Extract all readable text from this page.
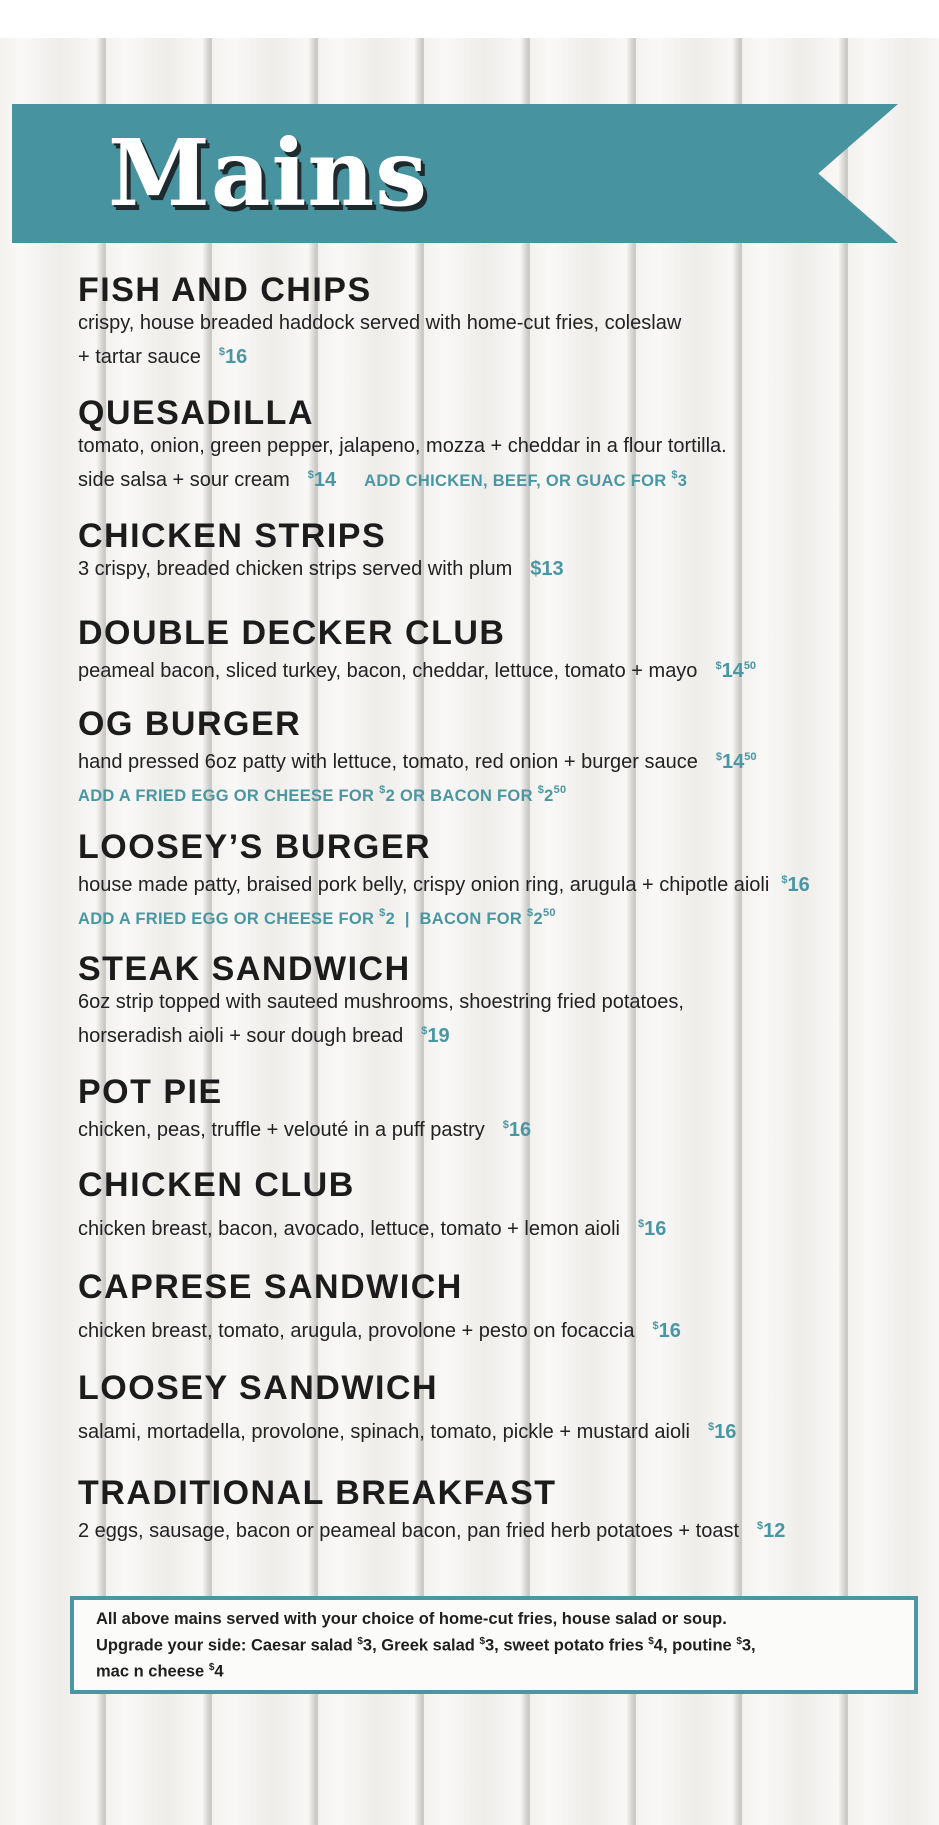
Mains
FISH AND CHIPS
crispy, house breaded haddock served with home-cut fries, coleslaw
+ tartar sauce $16
QUESADILLA
tomato, onion, green pepper, jalapeno, mozza + cheddar in a flour tortilla.
side salsa + sour cream $14 ADD CHICKEN, BEEF, OR GUAC FOR $3
CHICKEN STRIPS
3 crispy, breaded chicken strips served with plum $13
DOUBLE DECKER CLUB
peameal bacon, sliced turkey, bacon, cheddar, lettuce, tomato + mayo $^{\$}14^{50}$
OG BURGER
hand pressed 6oz patty with lettuce, tomato, red onion + burger sauce $^{\$}14^{50}$
ADD A FRIED EGG OR CHEESE FOR $2 OR BACON FOR $^{\$}2^{50}$
LOOSEY’S BURGER
house made patty, braised pork belly, crispy onion ring, arugula + chipotle aioli $16
ADD A FRIED EGG OR CHEESE FOR $2 | BACON FOR $^{\$}2^{50}$
STEAK SANDWICH
6oz strip topped with sauteed mushrooms, shoestring fried potatoes,
horseradish aioli + sour dough bread $19
POT PIE
chicken, peas, truffle + velouté in a puff pastry $16
CHICKEN CLUB
chicken breast, bacon, avocado, lettuce, tomato + lemon aioli $16
CAPRESE SANDWICH
chicken breast, tomato, arugula, provolone + pesto on focaccia $16
LOOSEY SANDWICH
salami, mortadella, provolone, spinach, tomato, pickle + mustard aioli $16
TRADITIONAL BREAKFAST
2 eggs, sausage, bacon or peameal bacon, pan fried herb potatoes + toast $12
All above mains served with your choice of home-cut fries, house salad or soup.
Upgrade your side: Caesar salad $3, Greek salad $3, sweet potato fries $4, poutine $3,
mac n cheese $4
